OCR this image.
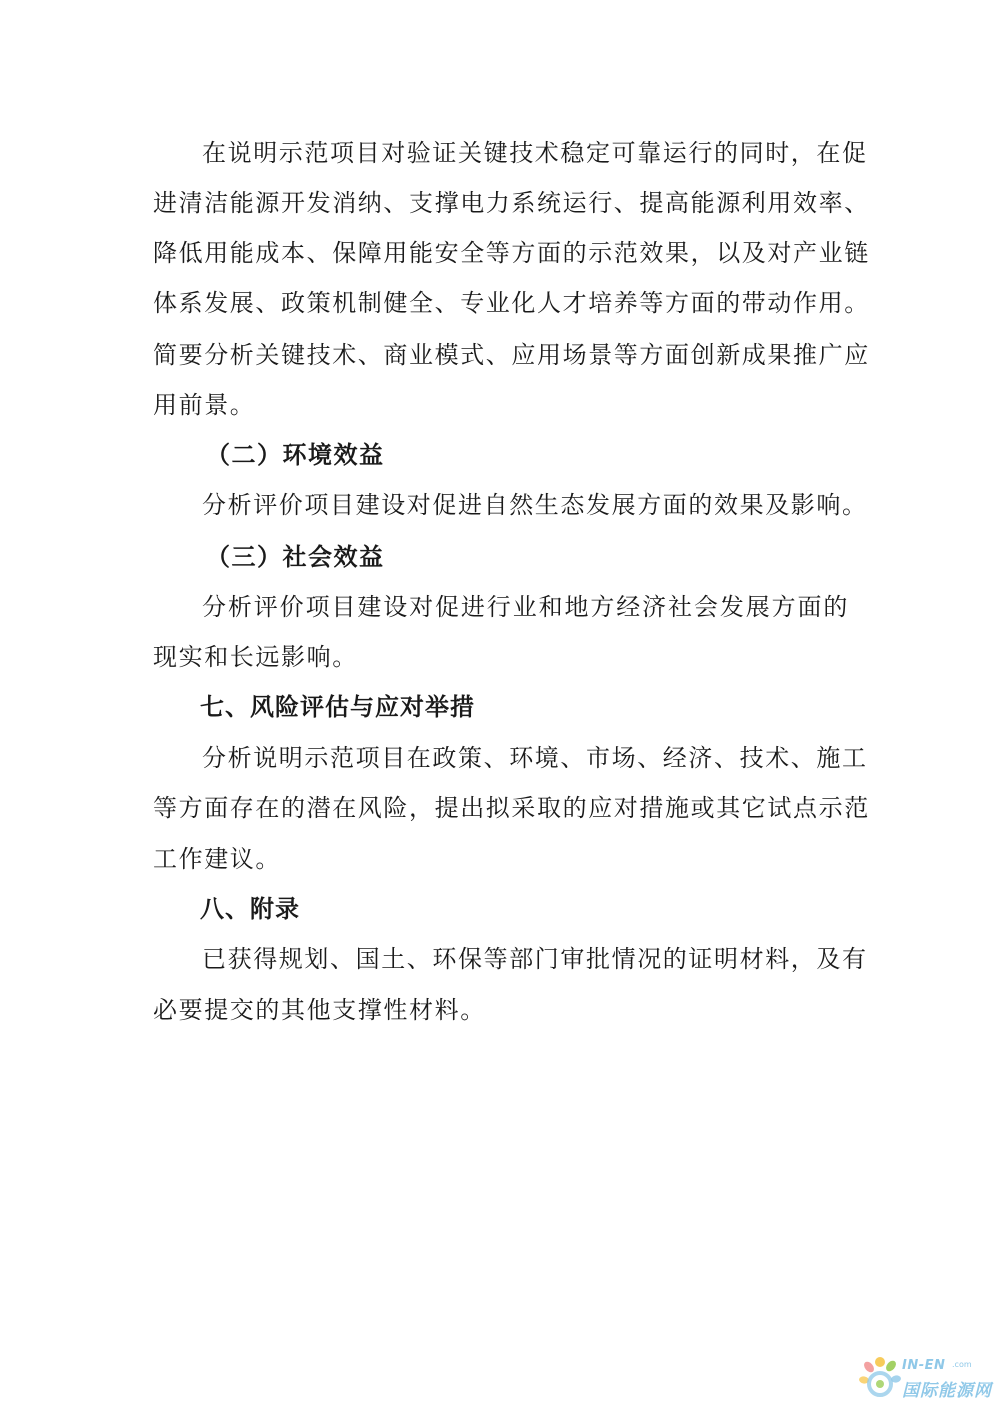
在说明示范项目对验证关键技术稳定可靠运行的同时，在促
进清洁能源开发消纳、支撑电力系统运行、提高能源利用效率、
降低用能成本、保障用能安全等方面的示范效果，以及对产业链
体系发展、政策机制健全、专业化人才培养等方面的带动作用。
简要分析关键技术、商业模式、应用场景等方面创新成果推广应
用前景。
（二）环境效益
分析评价项目建设对促进自然生态发展方面的效果及影响。
（三）社会效益
分析评价项目建设对促进行业和地方经济社会发展方面的
现实和长远影响。
七、风险评估与应对举措
分析说明示范项目在政策、环境、市场、经济、技术、施工
等方面存在的潜在风险，提出拟采取的应对措施或其它试点示范
工作建议。
八、附录
已获得规划、国土、环保等部门审批情况的证明材料，及有
必要提交的其他支撑性材料。
IN-EN .com
国际能源网
